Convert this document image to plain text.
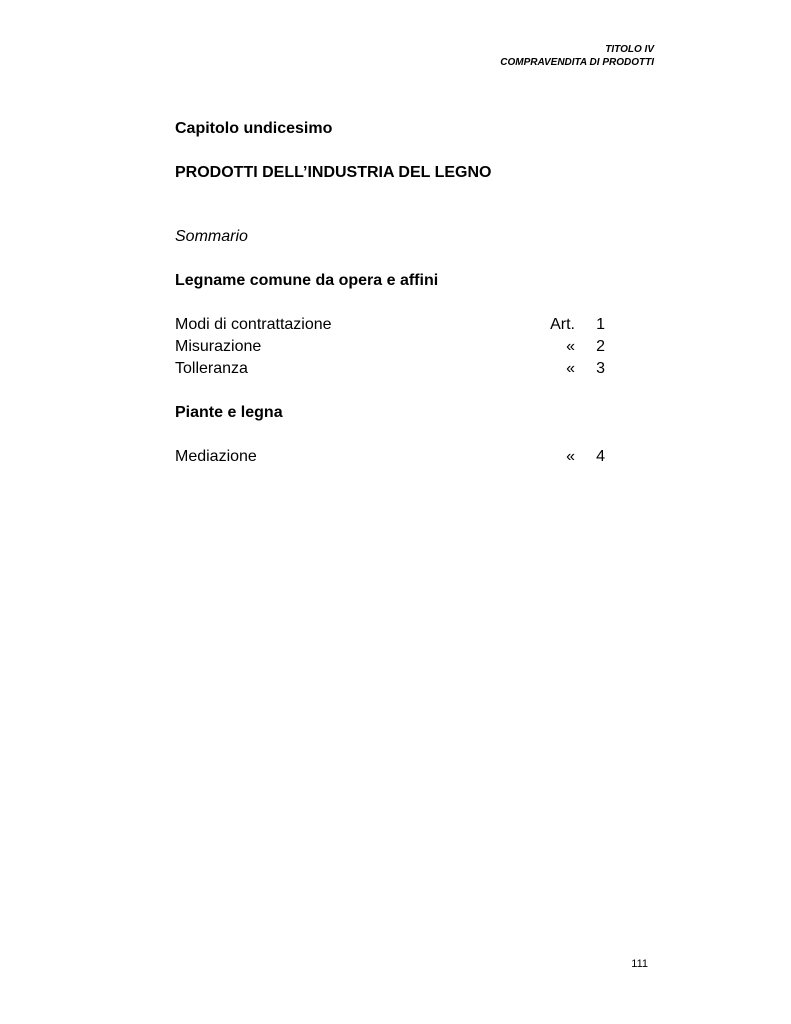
TITOLO IV
COMPRAVENDITA DI PRODOTTI

Capitolo undicesimo

PRODOTTI DELL’INDUSTRIA DEL LEGNO

Sommario

Legname comune da opera e affini

Modi di contrattazione	Art.	1
Misurazione	«	2
Tolleranza	«	3

Piante e legna

Mediazione	«	4
111
